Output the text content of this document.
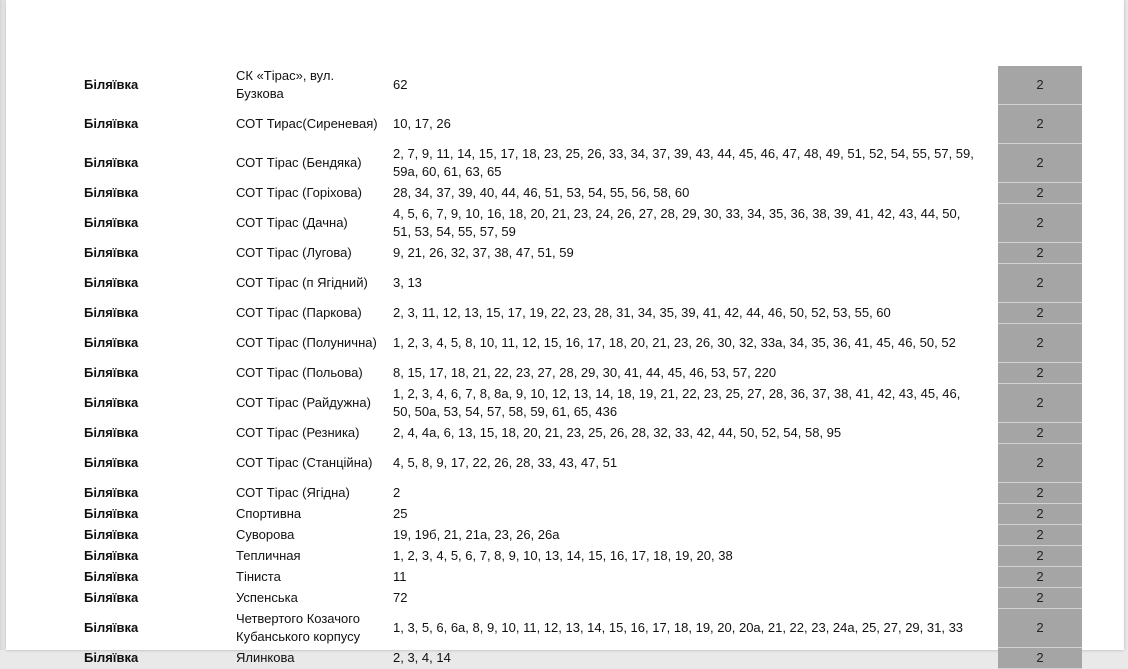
Біляївка	СК «Тірас», вул. Бузкова	62		2
Біляївка	СОТ Тирас(Сиреневая)	10, 17, 26		2
Біляївка	СОТ Тірас (Бендяка)	2, 7, 9, 11, 14, 15, 17, 18, 23, 25, 26, 33, 34, 37, 39, 43, 44, 45, 46, 47, 48, 49, 51, 52, 54, 55, 57, 59, 59а, 60, 61, 63, 65		2
Біляївка	СОТ Тірас (Горіхова)	28, 34, 37, 39, 40, 44, 46, 51, 53, 54, 55, 56, 58, 60		2
Біляївка	СОТ Тірас (Дачна)	4, 5, 6, 7, 9, 10, 16, 18, 20, 21, 23, 24, 26, 27, 28, 29, 30, 33, 34, 35, 36, 38, 39, 41, 42, 43, 44, 50, 51, 53, 54, 55, 57, 59		2
Біляївка	СОТ Тірас (Лугова)	9, 21, 26, 32, 37, 38, 47, 51, 59		2
Біляївка	СОТ Тірас (п Ягідний)	3, 13		2
Біляївка	СОТ Тірас (Паркова)	2, 3, 11, 12, 13, 15, 17, 19, 22, 23, 28, 31, 34, 35, 39, 41, 42, 44, 46, 50, 52, 53, 55, 60		2
Біляївка	СОТ Тірас (Полунична)	1, 2, 3, 4, 5, 8, 10, 11, 12, 15, 16, 17, 18, 20, 21, 23, 26, 30, 32, 33а, 34, 35, 36, 41, 45, 46, 50, 52		2
Біляївка	СОТ Тірас (Польова)	8, 15, 17, 18, 21, 22, 23, 27, 28, 29, 30, 41, 44, 45, 46, 53, 57, 220		2
Біляївка	СОТ Тірас (Райдужна)	1, 2, 3, 4, 6, 7, 8, 8а, 9, 10, 12, 13, 14, 18, 19, 21, 22, 23, 25, 27, 28, 36, 37, 38, 41, 42, 43, 45, 46, 50, 50а, 53, 54, 57, 58, 59, 61, 65, 436		2
Біляївка	СОТ Тірас (Резника)	2, 4, 4а, 6, 13, 15, 18, 20, 21, 23, 25, 26, 28, 32, 33, 42, 44, 50, 52, 54, 58, 95		2
Біляївка	СОТ Тірас (Станційна)	4, 5, 8, 9, 17, 22, 26, 28, 33, 43, 47, 51		2
Біляївка	СОТ Тірас (Ягідна)	2		2
Біляївка	Спортивна	25		2
Біляївка	Суворова	19, 19б, 21, 21а, 23, 26, 26а		2
Біляївка	Тепличная	1, 2, 3, 4, 5, 6, 7, 8, 9, 10, 13, 14, 15, 16, 17, 18, 19, 20, 38		2
Біляївка	Тіниста	11		2
Біляївка	Успенська	72		2
Біляївка	Четвертого Козачого Кубанського корпусу	1, 3, 5, 6, 6а, 8, 9, 10, 11, 12, 13, 14, 15, 16, 17, 18, 19, 20, 20а, 21, 22, 23, 24а, 25, 27, 29, 31, 33		2
Біляївка	Ялинкова	2, 3, 4, 14		2
